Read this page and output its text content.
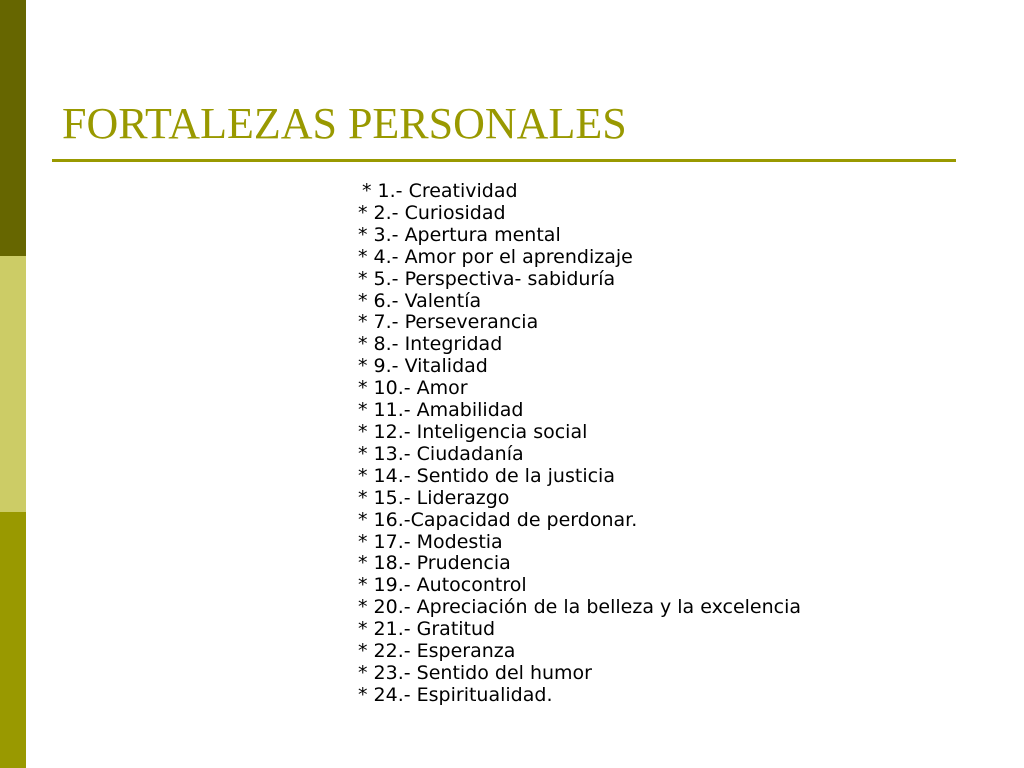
FORTALEZAS PERSONALES
* 1.- Creatividad
* 2.- Curiosidad
* 3.- Apertura mental
* 4.- Amor por el aprendizaje
* 5.- Perspectiva- sabiduría
* 6.- Valentía
* 7.- Perseverancia
* 8.- Integridad
* 9.- Vitalidad
* 10.- Amor
* 11.- Amabilidad
* 12.- Inteligencia social
* 13.- Ciudadanía
* 14.- Sentido de la justicia
* 15.- Liderazgo
* 16.-Capacidad de perdonar.
* 17.- Modestia
* 18.- Prudencia
* 19.- Autocontrol
* 20.- Apreciación de la belleza y la excelencia
* 21.- Gratitud
* 22.- Esperanza
* 23.- Sentido del humor
* 24.- Espiritualidad.
